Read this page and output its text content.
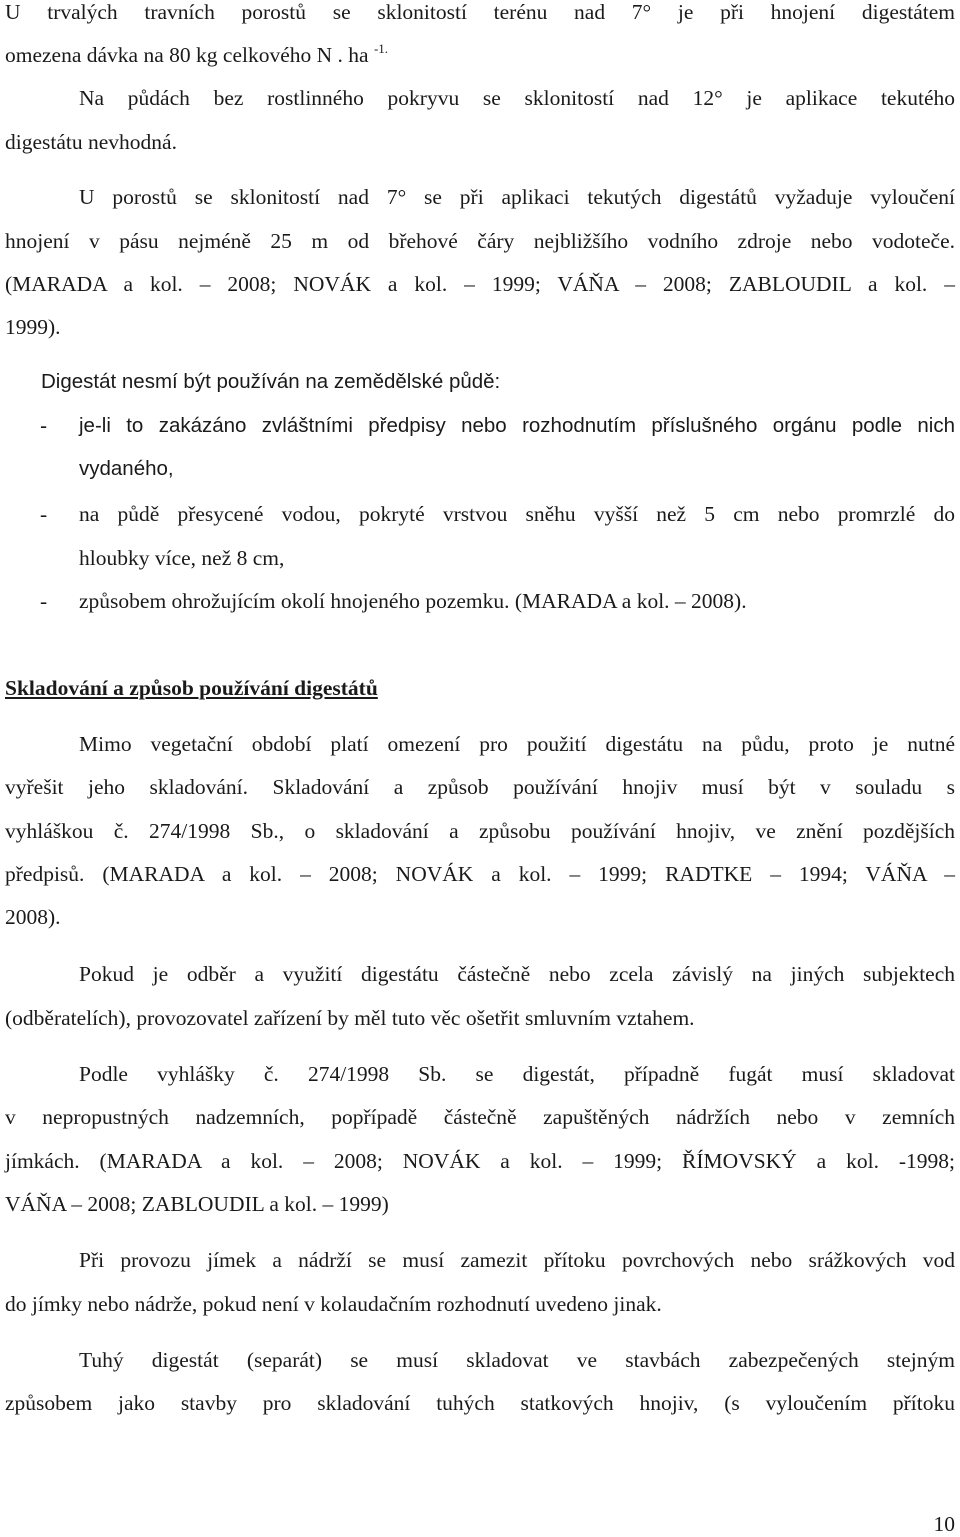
U trvalých travních porostů se sklonitostí terénu nad 7° je při hnojení digestátem
omezena dávka na 80 kg celkového N . ha $^{-1.}$
Na půdách bez rostlinného pokryvu se sklonitostí nad 12° je aplikace tekutého
digestátu nevhodná.
U porostů se sklonitostí nad 7° se při aplikaci tekutých digestátů vyžaduje vyloučení
hnojení v pásu nejméně 25 m od břehové čáry nejbližšího vodního zdroje nebo vodoteče.
(MARADA a kol. – 2008; NOVÁK a kol. – 1999; VÁŇA – 2008; ZABLOUDIL a kol. –
1999).
Digestát nesmí být používán na zemědělské půdě:
- je-li to zakázáno zvláštními předpisy nebo rozhodnutím příslušného orgánu podle nich
vydaného,
- na půdě přesycené vodou, pokryté vrstvou sněhu vyšší než 5 cm nebo promrzlé do
hloubky více, než 8 cm,
- způsobem ohrožujícím okolí hnojeného pozemku. (MARADA a kol. – 2008).
Skladování a způsob používání digestátů
Mimo vegetační období platí omezení pro použití digestátu na půdu, proto je nutné
vyřešit jeho skladování. Skladování a způsob používání hnojiv musí být v souladu s
vyhláškou č. 274/1998 Sb., o skladování a způsobu používání hnojiv, ve znění pozdějších
předpisů. (MARADA a kol. – 2008; NOVÁK a kol. – 1999; RADTKE – 1994; VÁŇA –
2008).
Pokud je odběr a využití digestátu částečně nebo zcela závislý na jiných subjektech
(odběratelích), provozovatel zařízení by měl tuto věc ošetřit smluvním vztahem.
Podle vyhlášky č. 274/1998 Sb. se digestát, případně fugát musí skladovat
v nepropustných nadzemních, popřípadě částečně zapuštěných nádržích nebo v zemních
jímkách. (MARADA a kol. – 2008; NOVÁK a kol. – 1999; ŘÍMOVSKÝ a kol. -1998;
VÁŇA – 2008; ZABLOUDIL a kol. – 1999)
Při provozu jímek a nádrží se musí zamezit přítoku povrchových nebo srážkových vod
do jímky nebo nádrže, pokud není v kolaudačním rozhodnutí uvedeno jinak.
Tuhý digestát (separát) se musí skladovat ve stavbách zabezpečených stejným
způsobem jako stavby pro skladování tuhých statkových hnojiv, (s vyloučením přítoku
10
